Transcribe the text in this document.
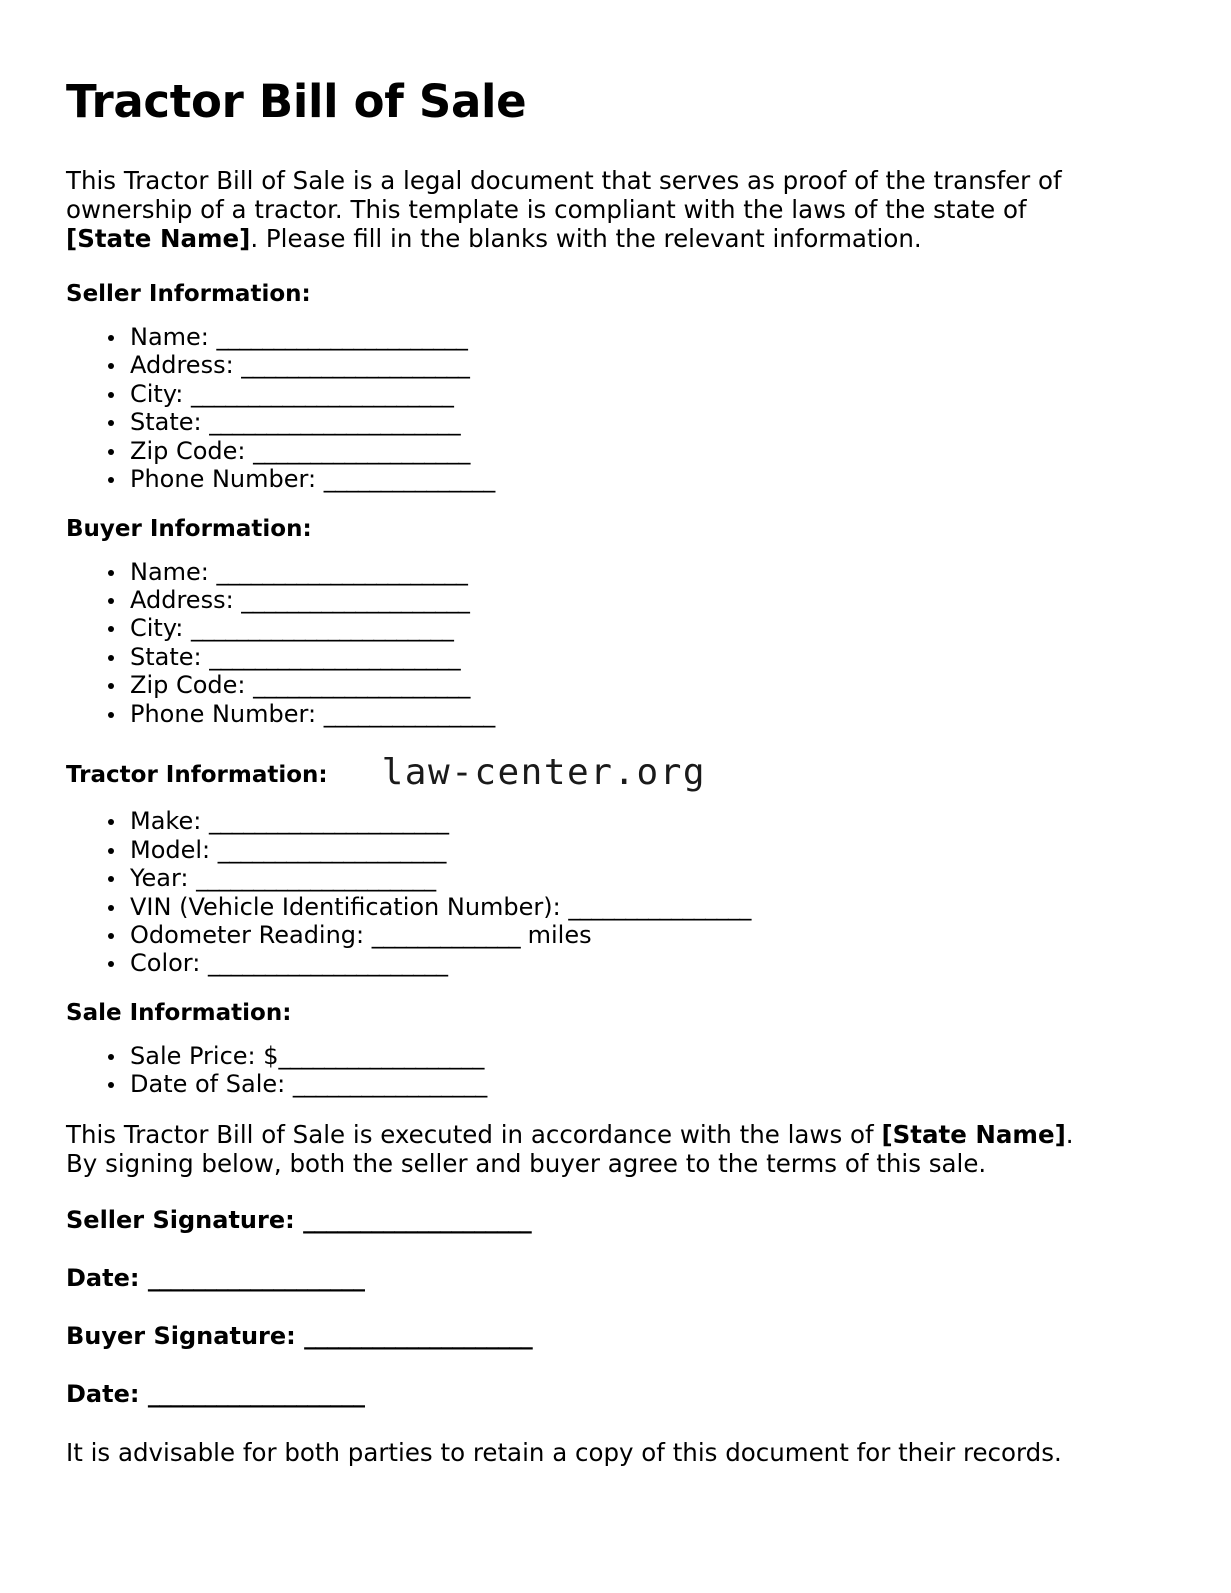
Tractor Bill of Sale

This Tractor Bill of Sale is a legal document that serves as proof of the transfer of ownership of a tractor. This template is compliant with the laws of the state of [State Name]. Please fill in the blanks with the relevant information.

Seller Information:
Name: ______________________
Address: ____________________
City: _______________________
State: ______________________
Zip Code: ___________________
Phone Number: _______________
Buyer Information:
Name: ______________________
Address: ____________________
City: _______________________
State: ______________________
Zip Code: ___________________
Phone Number: _______________
Tractor Information: law-center.org
Make: _____________________
Model: ____________________
Year: _____________________
VIN (Vehicle Identification Number): ________________
Odometer Reading: _____________ miles
Color: _____________________
Sale Information:
Sale Price: $__________________
Date of Sale: _________________

This Tractor Bill of Sale is executed in accordance with the laws of [State Name]. By signing below, both the seller and buyer agree to the terms of this sale.

Seller Signature: ____________________
Date: ___________________
Buyer Signature: ____________________
Date: ___________________

It is advisable for both parties to retain a copy of this document for their records.
